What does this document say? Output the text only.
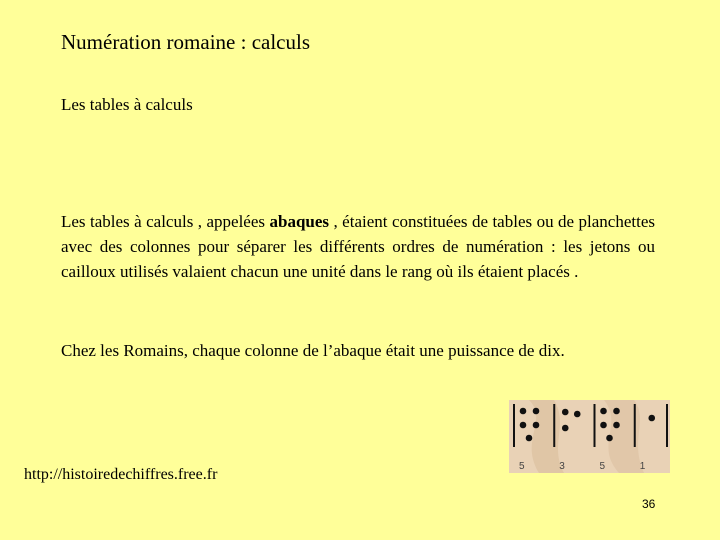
Numération romaine : calculs
Les tables à calculs
Les tables à calculs , appelées abaques , étaient constituées de tables ou de planchettes avec des colonnes pour séparer les différents ordres de numération : les jetons ou cailloux utilisés valaient chacun une unité dans le rang où ils étaient placés .
Chez les Romains, chaque colonne de l’abaque était une puissance de dix.
5	3	5	1
http://histoiredechiffres.free.fr
36
